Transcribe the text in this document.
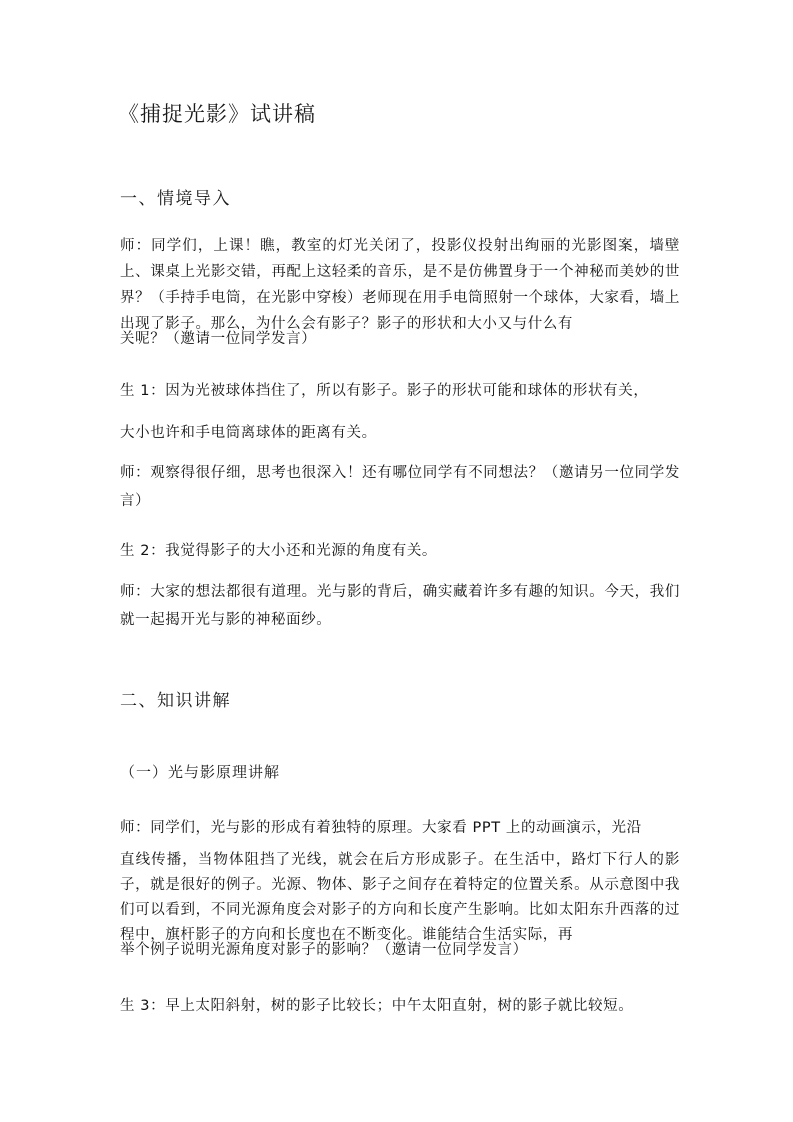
《捕捉光影》试讲稿
一、情境导入

师：同学们，上课！瞧，教室的灯光关闭了，投影仪投射出绚丽的光影图案，墙壁上、课桌上光影交错，再配上这轻柔的音乐，是不是仿佛置身于一个神秘而美妙的世界？（手持手电筒，在光影中穿梭）老师现在用手电筒照射一个球体，大家看，墙上出现了影子。那么，为什么会有影子？影子的形状和大小又与什么有

关呢？（邀请一位同学发言）

生 1：因为光被球体挡住了，所以有影子。影子的形状可能和球体的形状有关，

大小也许和手电筒离球体的距离有关。

师：观察得很仔细，思考也很深入！还有哪位同学有不同想法？（邀请另一位同学发言）

生 2：我觉得影子的大小还和光源的角度有关。

师：大家的想法都很有道理。光与影的背后，确实藏着许多有趣的知识。今天，我们就一起揭开光与影的神秘面纱。

二、知识讲解
（一）光与影原理讲解

师：同学们，光与影的形成有着独特的原理。大家看 PPT 上的动画演示，光沿

直线传播，当物体阻挡了光线，就会在后方形成影子。在生活中，路灯下行人的影子，就是很好的例子。光源、物体、影子之间存在着特定的位置关系。从示意图中我们可以看到，不同光源角度会对影子的方向和长度产生影响。比如太阳东升西落的过程中，旗杆影子的方向和长度也在不断变化。谁能结合生活实际，再

举个例子说明光源角度对影子的影响？（邀请一位同学发言）

生 3：早上太阳斜射，树的影子比较长；中午太阳直射，树的影子就比较短。
